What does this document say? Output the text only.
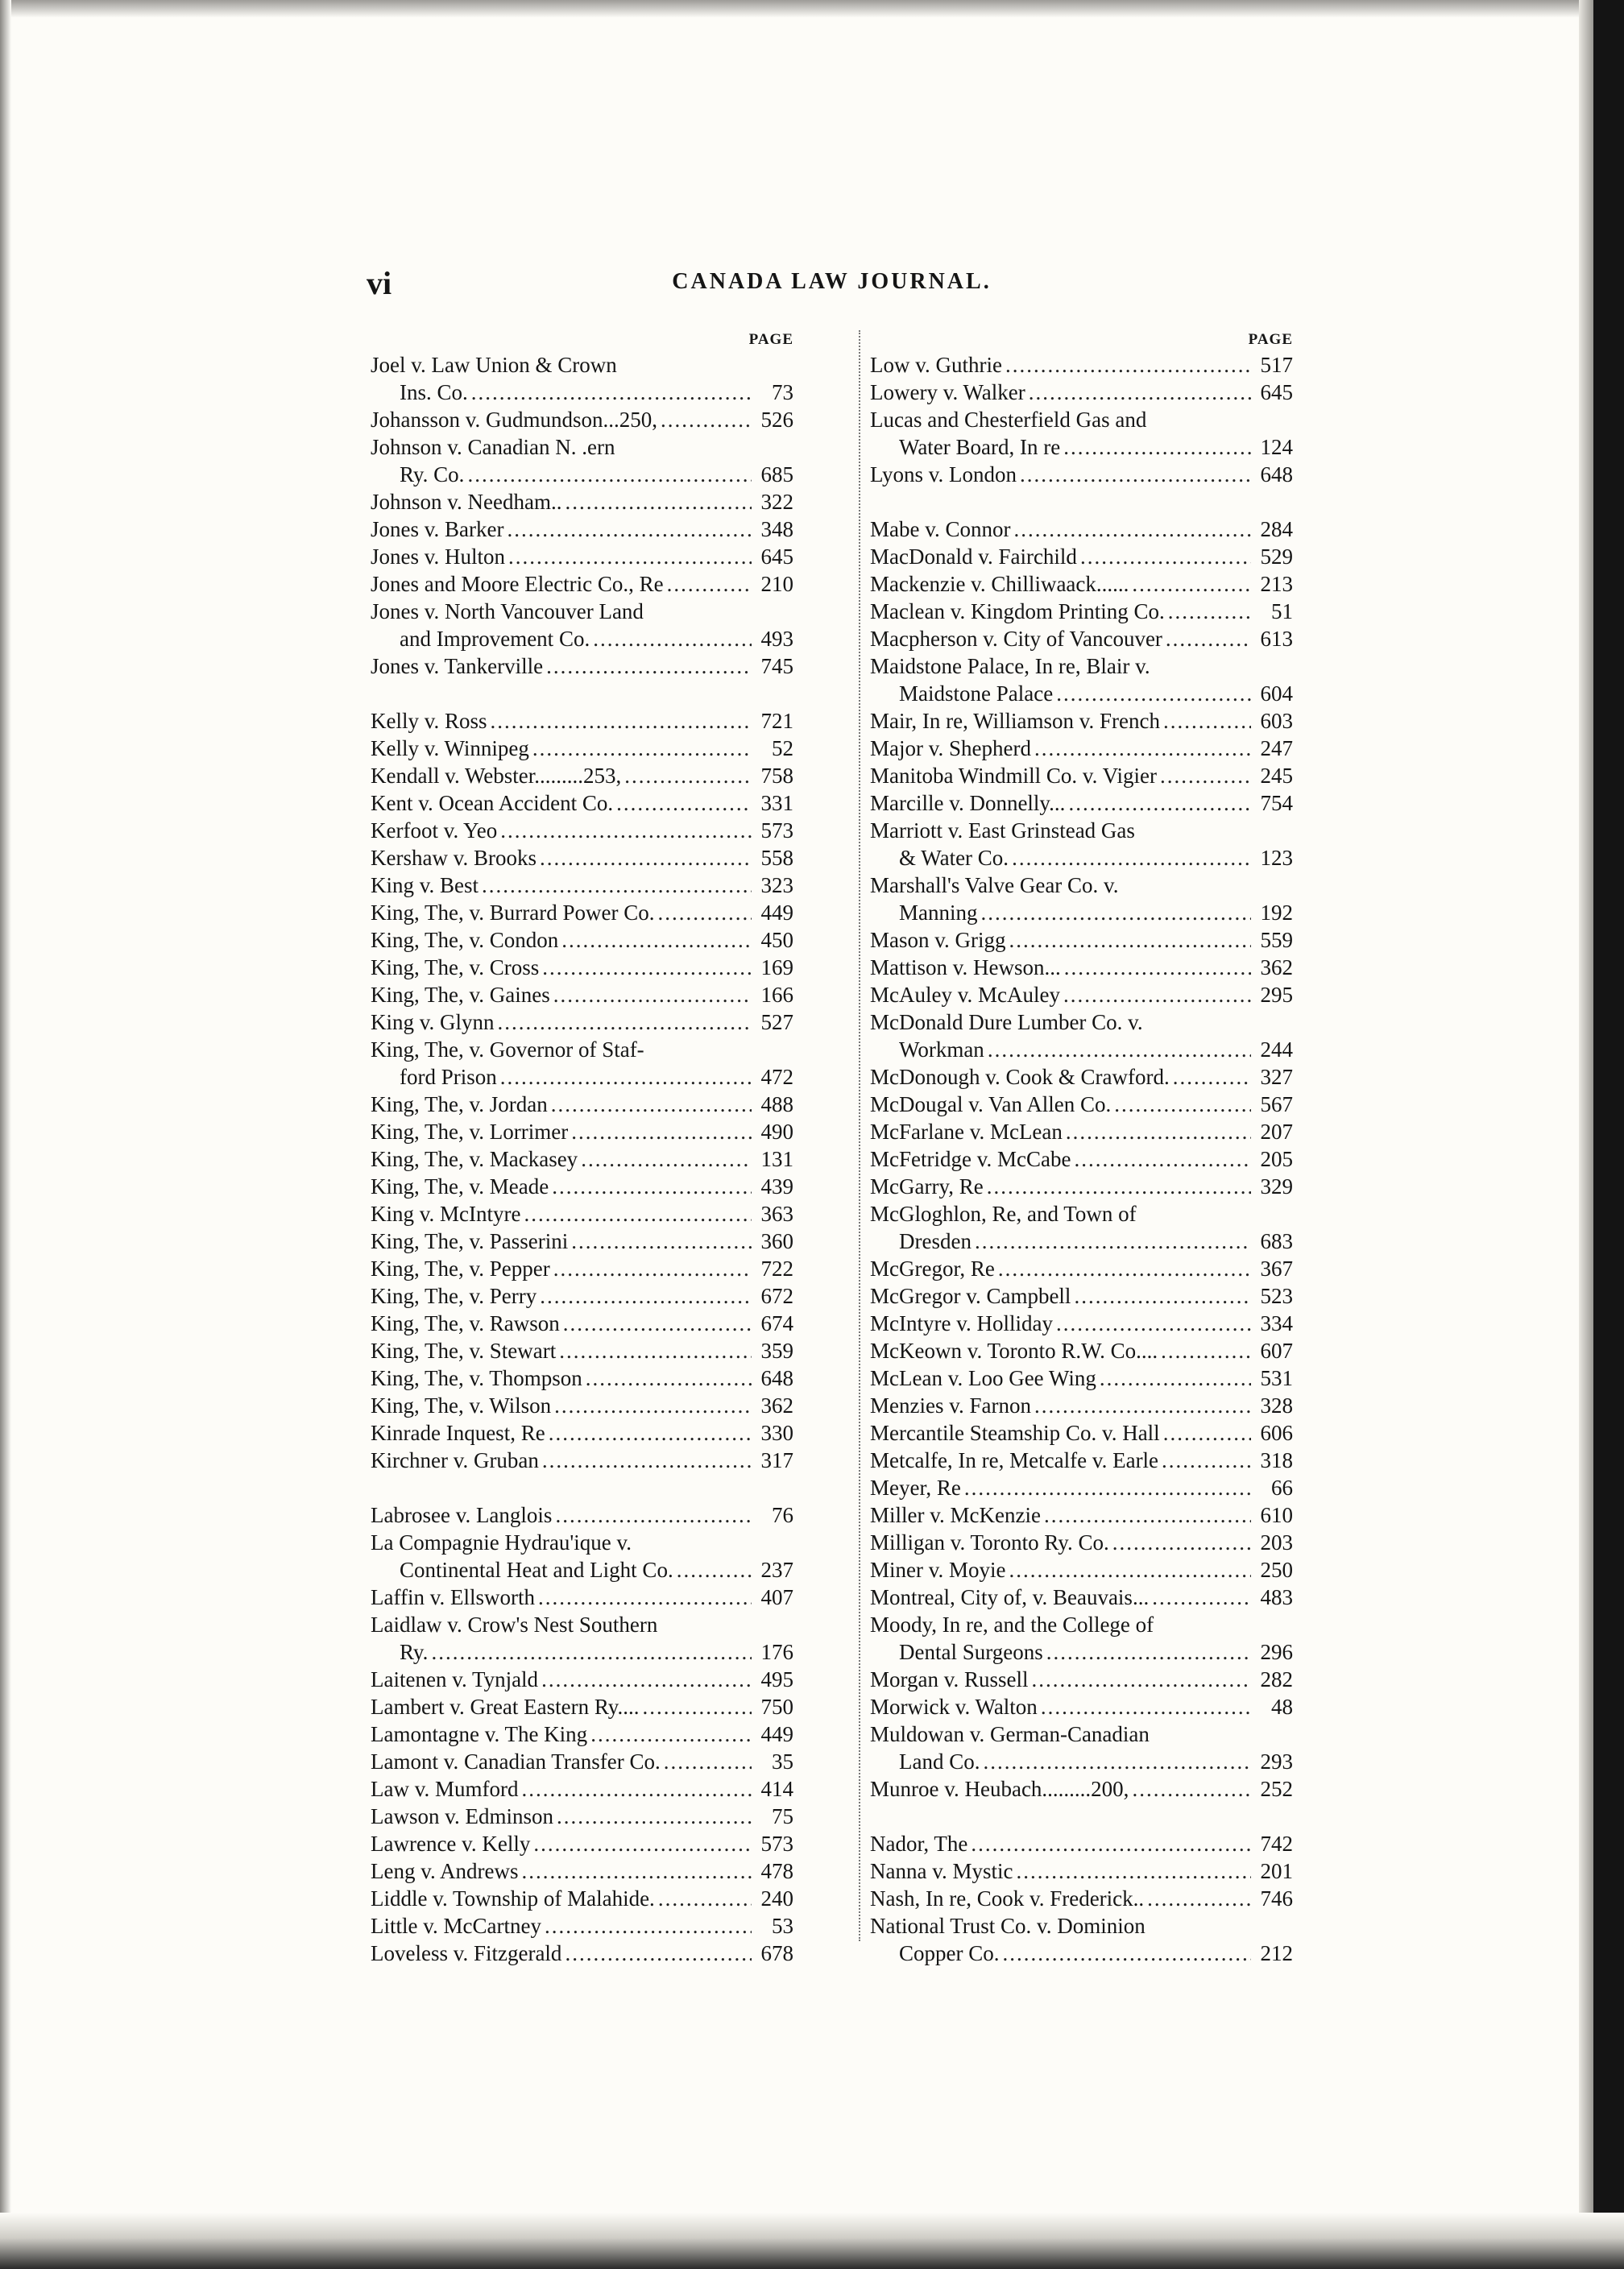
vi	CANADA LAW JOURNAL.
PAGE
Joel v. Law Union & Crown
Ins. Co. .....	73
Johansson v. Gudmundson...250, .....	526
Johnson v. Canadian N. .ern
Ry. Co. .....	685
Johnson v. Needham.. .....	322
Jones v. Barker .....	348
Jones v. Hulton .....	645
Jones and Moore Electric Co., Re .....	210
Jones v. North Vancouver Land
and Improvement Co. .....	493
Jones v. Tankerville .....	745
Kelly v. Ross .....	721
Kelly v. Winnipeg .....	52
Kendall v. Webster.........253, .....	758
Kent v. Ocean Accident Co. .....	331
Kerfoot v. Yeo .....	573
Kershaw v. Brooks .....	558
King v. Best .....	323
King, The, v. Burrard Power Co. .....	449
King, The, v. Condon .....	450
King, The, v. Cross .....	169
King, The, v. Gaines .....	166
King v. Glynn .....	527
King, The, v. Governor of Staf-
ford Prison .....	472
King, The, v. Jordan .....	488
King, The, v. Lorrimer .....	490
King, The, v. Mackasey .....	131
King, The, v. Meade .....	439
King v. McIntyre .....	363
King, The, v. Passerini .....	360
King, The, v. Pepper .....	722
King, The, v. Perry .....	672
King, The, v. Rawson .....	674
King, The, v. Stewart .....	359
King, The, v. Thompson .....	648
King, The, v. Wilson .....	362
Kinrade Inquest, Re .....	330
Kirchner v. Gruban .....	317
Labrosee v. Langlois .....	76
La Compagnie Hydrau'ique v.
Continental Heat and Light Co. .....	237
Laffin v. Ellsworth .....	407
Laidlaw v. Crow's Nest Southern
Ry. .....	176
Laitenen v. Tynjald .....	495
Lambert v. Great Eastern Ry.... .....	750
Lamontagne v. The King .....	449
Lamont v. Canadian Transfer Co. .....	35
Law v. Mumford .....	414
Lawson v. Edminson .....	75
Lawrence v. Kelly .....	573
Leng v. Andrews .....	478
Liddle v. Township of Malahide. .....	240
Little v. McCartney .....	53
Loveless v. Fitzgerald .....	678
PAGE
Low v. Guthrie .....	517
Lowery v. Walker .....	645
Lucas and Chesterfield Gas and
Water Board, In re .....	124
Lyons v. London .....	648
Mabe v. Connor .....	284
MacDonald v. Fairchild .....	529
Mackenzie v. Chilliwaack...... .....	213
Maclean v. Kingdom Printing Co. .....	51
Macpherson v. City of Vancouver .....	613
Maidstone Palace, In re, Blair v.
Maidstone Palace .....	604
Mair, In re, Williamson v. French .....	603
Major v. Shepherd .....	247
Manitoba Windmill Co. v. Vigier .....	245
Marcille v. Donnelly... .....	754
Marriott v. East Grinstead Gas
& Water Co. .....	123
Marshall's Valve Gear Co. v.
Manning .....	192
Mason v. Grigg .....	559
Mattison v. Hewson... .....	362
McAuley v. McAuley .....	295
McDonald Dure Lumber Co. v.
Workman .....	244
McDonough v. Cook & Crawford. .....	327
McDougal v. Van Allen Co. .....	567
McFarlane v. McLean .....	207
McFetridge v. McCabe .....	205
McGarry, Re .....	329
McGloghlon, Re, and Town of
Dresden .....	683
McGregor, Re .....	367
McGregor v. Campbell .....	523
McIntyre v. Holliday .....	334
McKeown v. Toronto R.W. Co.... .....	607
McLean v. Loo Gee Wing .....	531
Menzies v. Farnon .....	328
Mercantile Steamship Co. v. Hall .....	606
Metcalfe, In re, Metcalfe v. Earle .....	318
Meyer, Re .....	66
Miller v. McKenzie .....	610
Milligan v. Toronto Ry. Co. .....	203
Miner v. Moyie .....	250
Montreal, City of, v. Beauvais... .....	483
Moody, In re, and the College of
Dental Surgeons .....	296
Morgan v. Russell .....	282
Morwick v. Walton .....	48
Muldowan v. German-Canadian
Land Co. .....	293
Munroe v. Heubach.........200, .....	252
Nador, The .....	742
Nanna v. Mystic .....	201
Nash, In re, Cook v. Frederick.. .....	746
National Trust Co. v. Dominion
Copper Co. .....	212
